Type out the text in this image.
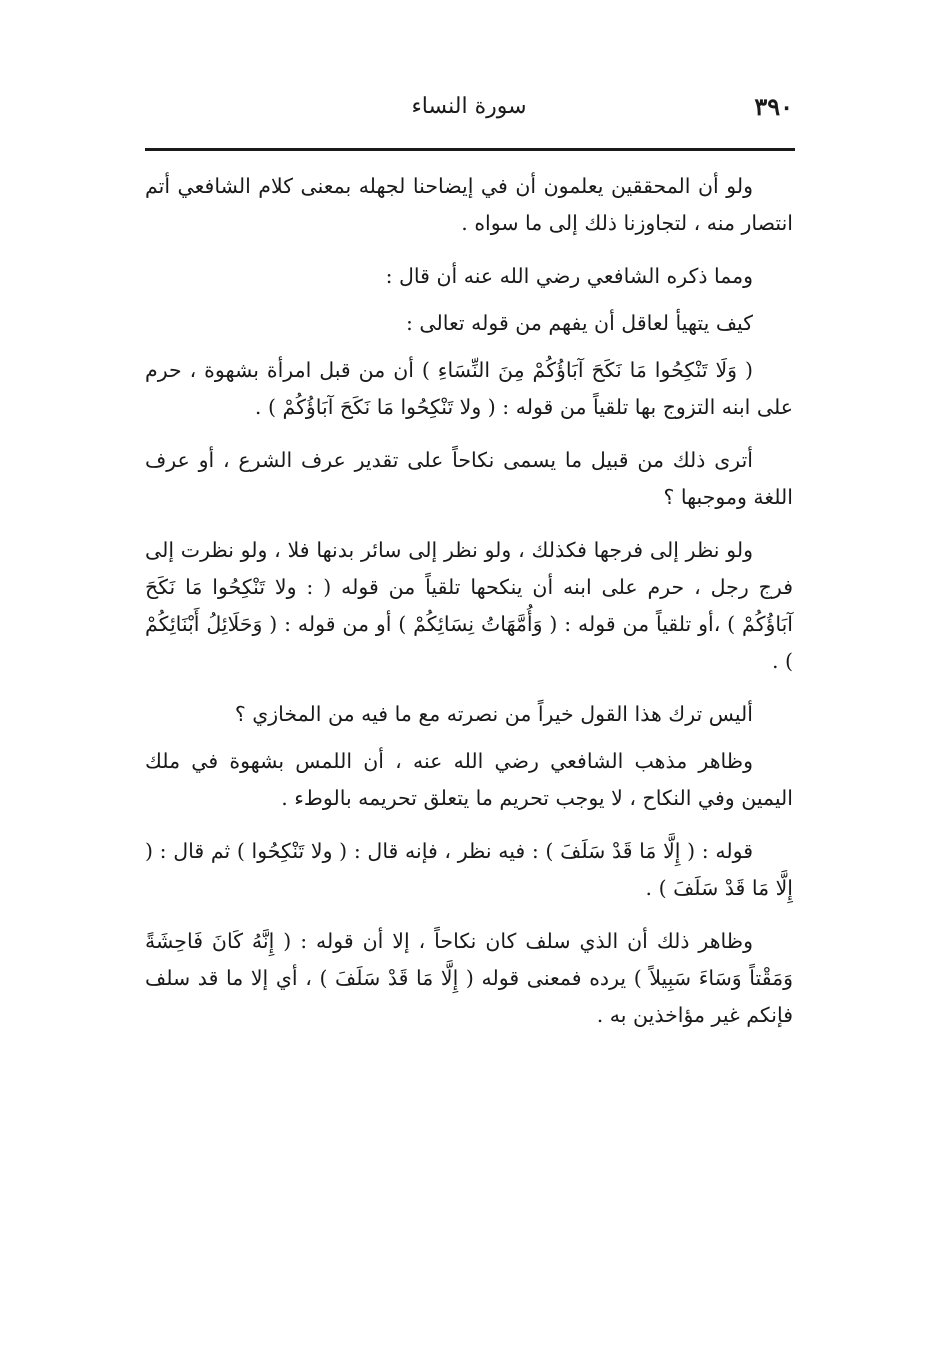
٣٩٠
سورة النساء

ولو أن المحققين يعلمون أن في إيضاحنا لجهله بمعنى كلام الشافعي أتم انتصار منه ، لتجاوزنا ذلك إلى ما سواه .

ومما ذكره الشافعي رضي الله عنه أن قال :

كيف يتهيأ لعاقل أن يفهم من قوله تعالى :

( وَلَا تَنْكِحُوا مَا نَكَحَ آبَاؤُكُمْ مِنَ النِّسَاءِ ) أن من قبل امرأة بشهوة ، حرم على ابنه التزوج بها تلقياً من قوله : ( ولا تَنْكِحُوا مَا نَكَحَ آبَاؤُكُمْ ) .

أترى ذلك من قبيل ما يسمى نكاحاً على تقدير عرف الشرع ، أو عرف اللغة وموجبها ؟

ولو نظر إلى فرجها فكذلك ، ولو نظر إلى سائر بدنها فلا ، ولو نظرت إلى فرج رجل ، حرم على ابنه أن ينكحها تلقياً من قوله ( : ولا تَنْكِحُوا مَا نَكَحَ آبَاؤُكُمْ ) ،أو تلقياً من قوله : ( وَأُمَّهَاتُ نِسَائِكُمْ ) أو من قوله : ( وَحَلَائِلُ أَبْنَائِكُمْ ) .

أليس ترك هذا القول خيراً من نصرته مع ما فيه من المخازي ؟

وظاهر مذهب الشافعي رضي الله عنه ، أن اللمس بشهوة في ملك اليمين وفي النكاح ، لا يوجب تحريم ما يتعلق تحريمه بالوطء .

قوله : ( إِلَّا مَا قَدْ سَلَفَ ) : فيه نظر ، فإنه قال : ( ولا تَنْكِحُوا ) ثم قال : ( إِلَّا مَا قَدْ سَلَفَ ) .

وظاهر ذلك أن الذي سلف كان نكاحاً ، إلا أن قوله : ( إِنَّهُ كَانَ فَاحِشَةً وَمَقْتاً وَسَاءَ سَبِيلاً ) يرده فمعنى قوله ( إِلَّا مَا قَدْ سَلَفَ ) ، أي إلا ما قد سلف فإنكم غير مؤاخذين به .
